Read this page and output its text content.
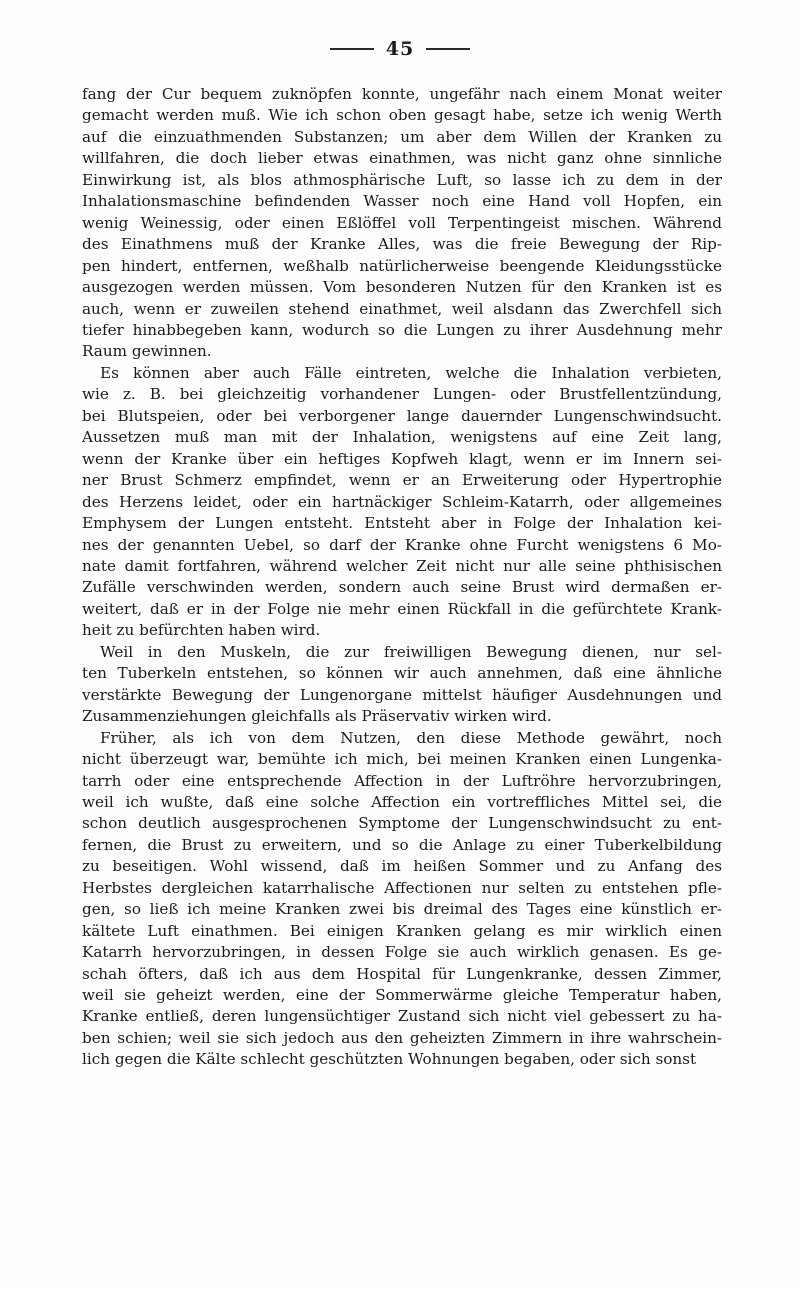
45

fang der Cur bequem zuknöpfen konnte, ungefähr nach einem Monat weiter
gemacht werden muß. Wie ich schon oben gesagt habe, setze ich wenig Werth
auf die einzuathmenden Substanzen; um aber dem Willen der Kranken zu
willfahren, die doch lieber etwas einathmen, was nicht ganz ohne sinnliche
Einwirkung ist, als blos athmosphärische Luft, so lasse ich zu dem in der
Inhalationsmaschine befindenden Wasser noch eine Hand voll Hopfen, ein
wenig Weinessig, oder einen Eßlöffel voll Terpentingeist mischen. Während
des Einathmens muß der Kranke Alles, was die freie Bewegung der Rip-
pen hindert, entfernen, weßhalb natürlicherweise beengende Kleidungsstücke
ausgezogen werden müssen. Vom besonderen Nutzen für den Kranken ist es
auch, wenn er zuweilen stehend einathmet, weil alsdann das Zwerchfell sich
tiefer hinabbegeben kann, wodurch so die Lungen zu ihrer Ausdehnung mehr
Raum gewinnen.

Es können aber auch Fälle eintreten, welche die Inhalation verbieten,
wie z. B. bei gleichzeitig vorhandener Lungen- oder Brustfellentzündung,
bei Blutspeien, oder bei verborgener lange dauernder Lungenschwindsucht.
Aussetzen muß man mit der Inhalation, wenigstens auf eine Zeit lang,
wenn der Kranke über ein heftiges Kopfweh klagt, wenn er im Innern sei-
ner Brust Schmerz empfindet, wenn er an Erweiterung oder Hypertrophie
des Herzens leidet, oder ein hartnäckiger Schleim-Katarrh, oder allgemeines
Emphysem der Lungen entsteht. Entsteht aber in Folge der Inhalation kei-
nes der genannten Uebel, so darf der Kranke ohne Furcht wenigstens 6 Mo-
nate damit fortfahren, während welcher Zeit nicht nur alle seine phthisischen
Zufälle verschwinden werden, sondern auch seine Brust wird dermaßen er-
weitert, daß er in der Folge nie mehr einen Rückfall in die gefürchtete Krank-
heit zu befürchten haben wird.

Weil in den Muskeln, die zur freiwilligen Bewegung dienen, nur sel-
ten Tuberkeln entstehen, so können wir auch annehmen, daß eine ähnliche
verstärkte Bewegung der Lungenorgane mittelst häufiger Ausdehnungen und
Zusammenziehungen gleichfalls als Präservativ wirken wird.
Früher, als ich von dem Nutzen, den diese Methode gewährt, noch
nicht überzeugt war, bemühte ich mich, bei meinen Kranken einen Lungenka-
tarrh oder eine entsprechende Affection in der Luftröhre hervorzubringen,
weil ich wußte, daß eine solche Affection ein vortreffliches Mittel sei, die
schon deutlich ausgesprochenen Symptome der Lungenschwindsucht zu ent-
fernen, die Brust zu erweitern, und so die Anlage zu einer Tuberkelbildung
zu beseitigen. Wohl wissend, daß im heißen Sommer und zu Anfang des
Herbstes dergleichen katarrhalische Affectionen nur selten zu entstehen pfle-
gen, so ließ ich meine Kranken zwei bis dreimal des Tages eine künstlich er-
kältete Luft einathmen. Bei einigen Kranken gelang es mir wirklich einen
Katarrh hervorzubringen, in dessen Folge sie auch wirklich genasen. Es ge-
schah öfters, daß ich aus dem Hospital für Lungenkranke, dessen Zimmer,
weil sie geheizt werden, eine der Sommerwärme gleiche Temperatur haben,
Kranke entließ, deren lungensüchtiger Zustand sich nicht viel gebessert zu ha-
ben schien; weil sie sich jedoch aus den geheizten Zimmern in ihre wahrschein-
lich gegen die Kälte schlecht geschützten Wohnungen begaben, oder sich sonst
